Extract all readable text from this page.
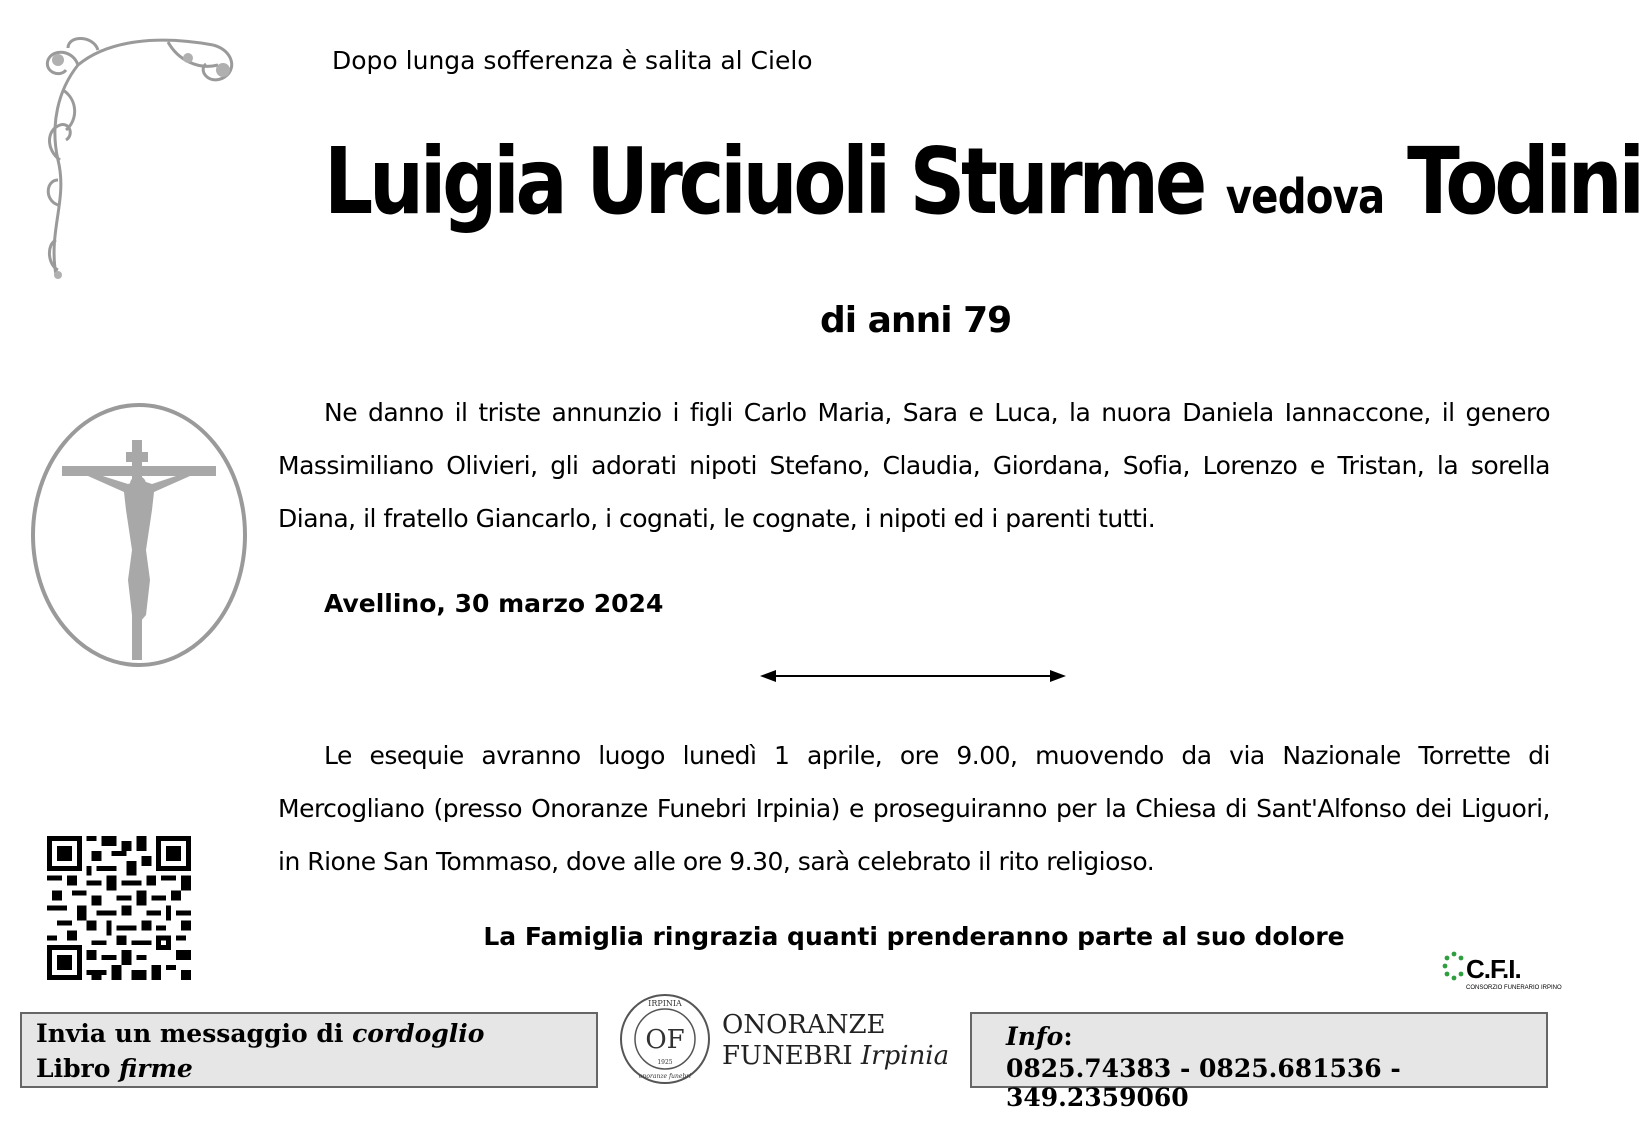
Dopo lunga sofferenza è salita al Cielo
Luigia Urciuoli Sturme vedova Todini
di anni 79
Ne danno il triste annunzio i figli Carlo Maria, Sara e Luca, la nuora Daniela Iannaccone, il genero Massimiliano Olivieri, gli adorati nipoti Stefano, Claudia, Giordana, Sofia, Lorenzo e Tristan, la sorella Diana, il fratello Giancarlo, i cognati, le cognate, i nipoti ed i parenti tutti.
Avellino, 30 marzo 2024
Le esequie avranno luogo lunedì 1 aprile, ore 9.00, muovendo da via Nazionale Torrette di Mercogliano (presso Onoranze Funebri Irpinia) e proseguiranno per la Chiesa di Sant'Alfonso dei Liguori, in Rione San Tommaso, dove alle ore 9.30, sarà celebrato il rito religioso.
La Famiglia ringrazia quanti prenderanno parte al suo dolore
C.F.I.
CONSORZIO FUNERARIO IRPINO
Invia un messaggio di cordoglio
Libro firme
IRPINIA
OF
1925
onoranze funebri
ONORANZE
FUNEBRI Irpinia
Info:
0825.74383 - 0825.681536 - 349.2359060
